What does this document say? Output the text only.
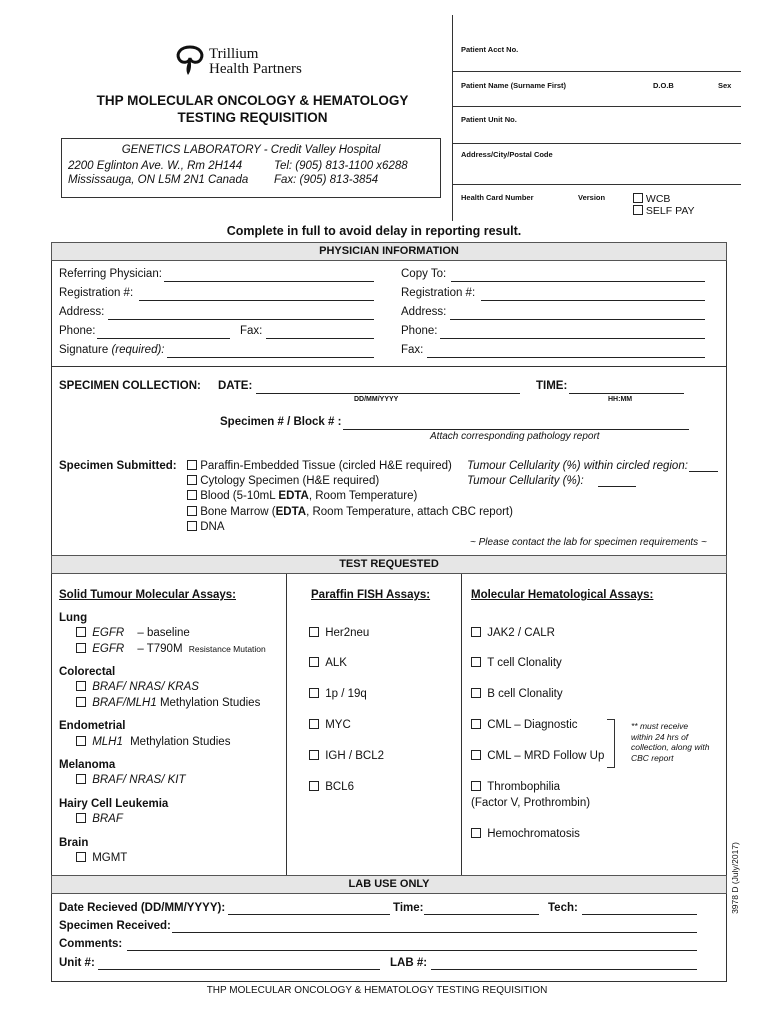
Trillium
Health Partners
THP MOLECULAR ONCOLOGY & HEMATOLOGY
TESTING REQUISITION
GENETICS LABORATORY - Credit Valley Hospital
2200 Eglinton Ave. W., Rm 2H144
Mississauga, ON L5M 2N1 Canada
Tel: (905) 813-1100 x6288
Fax: (905) 813-3854
Patient Acct No.
Patient Name (Surname First)	D.O.B	Sex
Patient Unit No.
Address/City/Postal Code
Health Card Number	Version	WCB
SELF PAY
Complete in full to avoid delay in reporting result.
PHYSICIAN INFORMATION
Referring Physician:
Registration #:
Address:
Phone:	Fax:
Signature (required):
Copy To:
Registration #:
Address:
Phone:
Fax:
SPECIMEN COLLECTION: DATE:
DD/MM/YYYY
TIME:
HH:MM
Specimen # / Block # :
Attach corresponding pathology report
Specimen Submitted:	Paraffin-Embedded Tissue (circled H&E required)
Cytology Specimen (H&E required)
Blood (5-10mL EDTA, Room Temperature)
Bone Marrow (EDTA, Room Temperature, attach CBC report)
DNA
Tumour Cellularity (%) within circled region:
Tumour Cellularity (%):
~ Please contact the lab for specimen requirements ~
TEST REQUESTED
Solid Tumour Molecular Assays:
Lung
EGFR – baseline
EGFR – T790M Resistance Mutation
Colorectal
BRAF/ NRAS/ KRAS
BRAF/MLH1 Methylation Studies
Endometrial
MLH1 Methylation Studies
Melanoma
BRAF/ NRAS/ KIT
Hairy Cell Leukemia
BRAF
Brain
MGMT
Paraffin FISH Assays:
Her2neu
ALK
1p / 19q
MYC
IGH / BCL2
BCL6
Molecular Hematological Assays:
JAK2 / CALR
T cell Clonality
B cell Clonality
CML – Diagnostic
CML – MRD Follow Up
** must receive
within 24 hrs of
collection, along with
CBC report
Thrombophilia
(Factor V, Prothrombin)
Hemochromatosis
LAB USE ONLY
Date Recieved (DD/MM/YYYY):	Time:	Tech:
Specimen Received:
Comments:
Unit #:	LAB #:
3978 D (July/2017)
THP MOLECULAR ONCOLOGY & HEMATOLOGY TESTING REQUISITION
